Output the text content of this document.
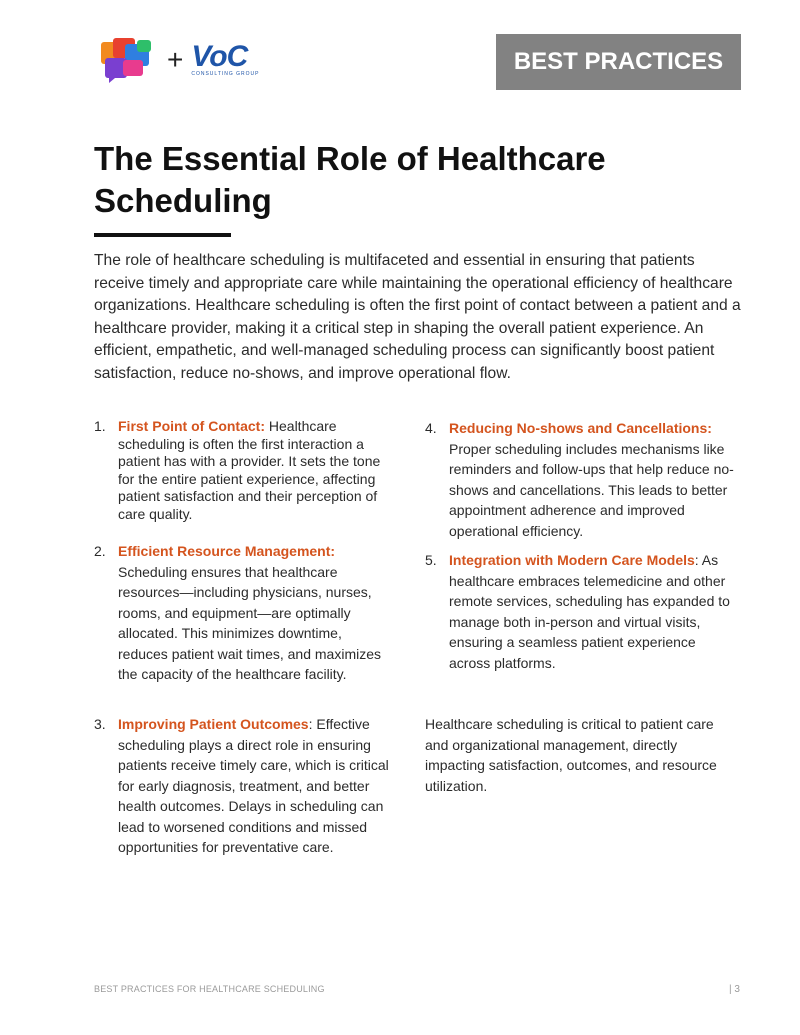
+ VoC
CONSULTING GROUP	BEST PRACTICES
The Essential Role of Healthcare Scheduling

The role of healthcare scheduling is multifaceted and essential in ensuring that patients receive timely and appropriate care while maintaining the operational efficiency of healthcare organizations. Healthcare scheduling is often the first point of contact between a patient and a healthcare provider, making it a critical step in shaping the overall patient experience. An efficient, empathetic, and well-managed scheduling process can significantly boost patient satisfaction, reduce no-shows, and improve operational flow.

1. First Point of Contact: Healthcare scheduling is often the first interaction a patient has with a provider. It sets the tone for the entire patient experience, affecting patient satisfaction and their perception of care quality.
2. Efficient Resource Management: Scheduling ensures that healthcare resources—including physicians, nurses, rooms, and equipment—are optimally allocated. This minimizes downtime, reduces patient wait times, and maximizes the capacity of the healthcare facility.
3. Improving Patient Outcomes: Effective scheduling plays a direct role in ensuring patients receive timely care, which is critical for early diagnosis, treatment, and better health outcomes. Delays in scheduling can lead to worsened conditions and missed opportunities for preventative care.
4. Reducing No-shows and Cancellations: Proper scheduling includes mechanisms like reminders and follow-ups that help reduce no-shows and cancellations. This leads to better appointment adherence and improved operational efficiency.
5. Integration with Modern Care Models: As healthcare embraces telemedicine and other remote services, scheduling has expanded to manage both in-person and virtual visits, ensuring a seamless patient experience across platforms.

Healthcare scheduling is critical to patient care and organizational management, directly impacting satisfaction, outcomes, and resource utilization.

BEST PRACTICES FOR HEALTHCARE SCHEDULING	| 3
